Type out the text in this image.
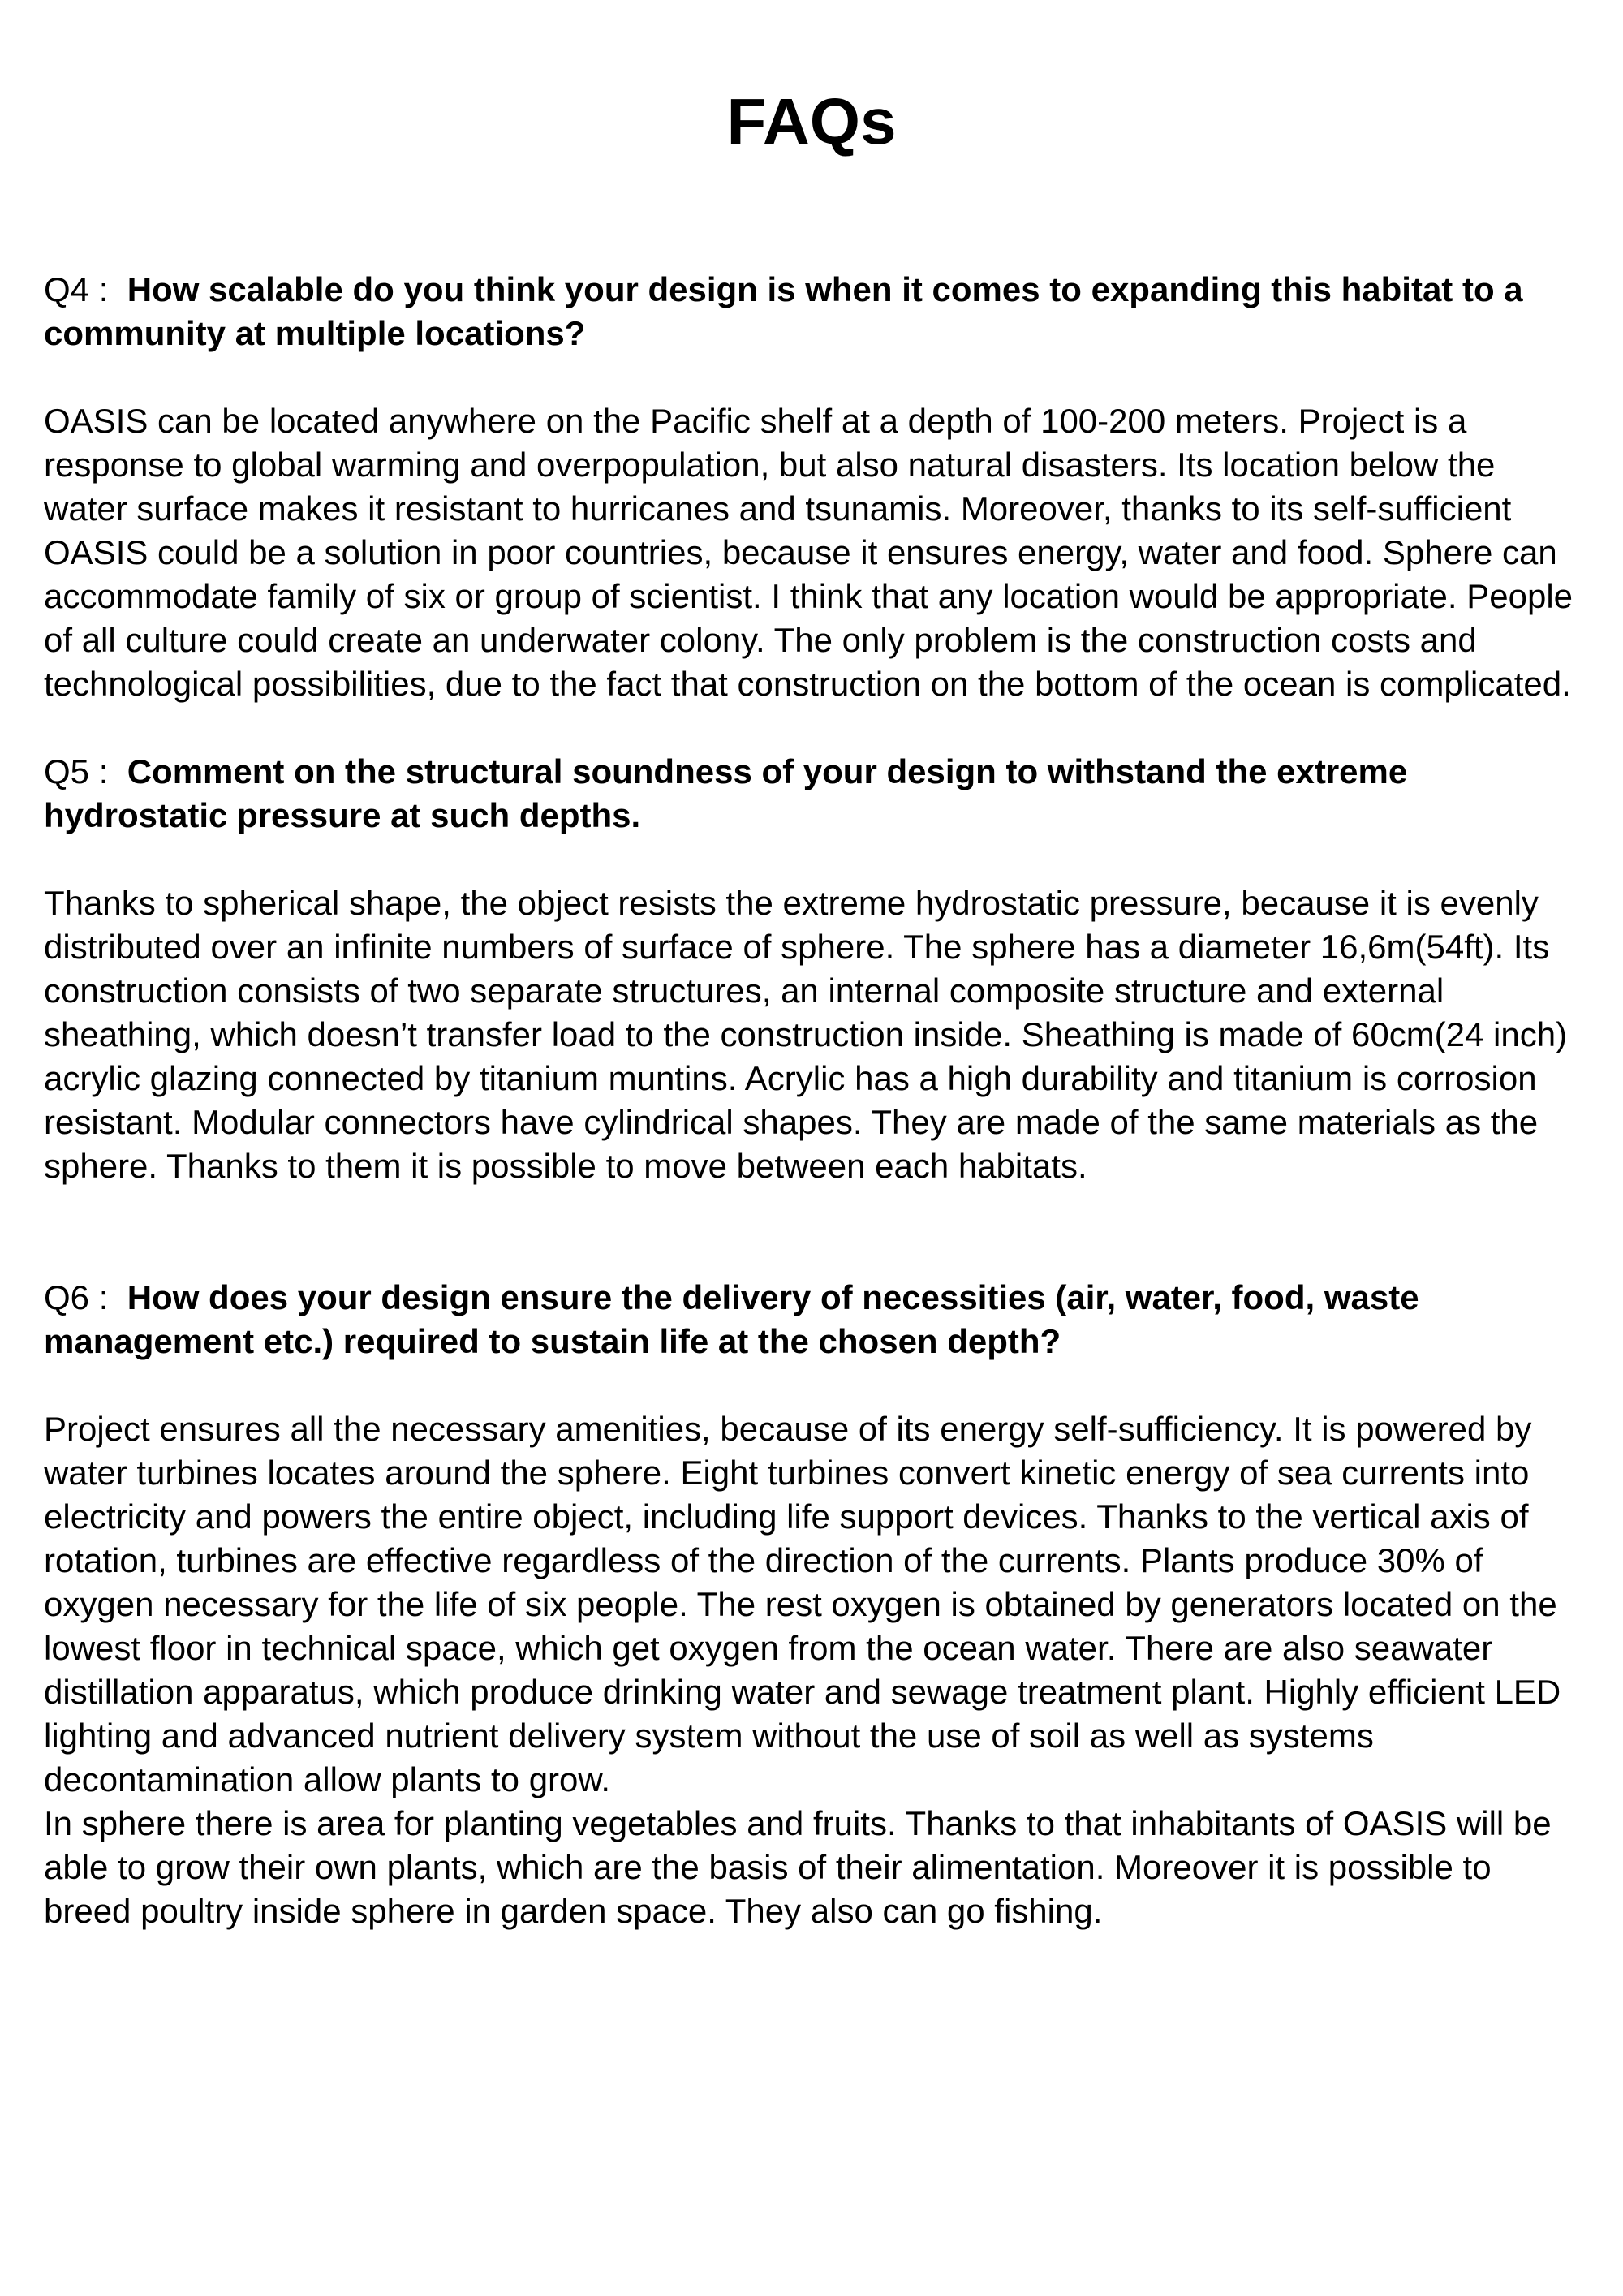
FAQs

Q4 : How scalable do you think your design is when it comes to expanding this habitat to a community at multiple locations?

OASIS can be located anywhere on the Pacific shelf at a depth of 100-200 meters. Project is a response to global warming and overpopulation, but also natural disasters. Its location below the water surface makes it resistant to hurricanes and tsunamis. Moreover, thanks to its self-sufficient OASIS could be a solution in poor countries, because it ensures energy, water and food. Sphere can accommodate family of six or group of scientist. I think that any location would be appropriate. People of all culture could create an underwater colony. The only problem is the construction costs and technological possibilities, due to the fact that construction on the bottom of the ocean is complicated.

Q5 : Comment on the structural soundness of your design to withstand the extreme hydrostatic pressure at such depths.

Thanks to spherical shape, the object resists the extreme hydrostatic pressure, because it is evenly distributed over an infinite numbers of surface of sphere. The sphere has a diameter 16,6m(54ft). Its construction consists of two separate structures, an internal composite structure and external sheathing, which doesn’t transfer load to the construction inside. Sheathing is made of 60cm(24 inch) acrylic glazing connected by titanium muntins. Acrylic has a high durability and titanium is corrosion resistant. Modular connectors have cylindrical shapes. They are made of the same materials as the sphere. Thanks to them it is possible to move between each habitats.

Q6 : How does your design ensure the delivery of necessities (air, water, food, waste management etc.) required to sustain life at the chosen depth?

Project ensures all the necessary amenities, because of its energy self-sufficiency. It is powered by water turbines locates around the sphere. Eight turbines convert kinetic energy of sea currents into electricity and powers the entire object, including life support devices. Thanks to the vertical axis of rotation, turbines are effective regardless of the direction of the currents. Plants produce 30% of oxygen necessary for the life of six people. The rest oxygen is obtained by generators located on the lowest floor in technical space, which get oxygen from the ocean water. There are also seawater distillation apparatus, which produce drinking water and sewage treatment plant. Highly efficient LED lighting and advanced nutrient delivery system without the use of soil as well as systems decontamination allow plants to grow.

In sphere there is area for planting vegetables and fruits. Thanks to that inhabitants of OASIS will be able to grow their own plants, which are the basis of their alimentation. Moreover it is possible to breed poultry inside sphere in garden space. They also can go fishing.
